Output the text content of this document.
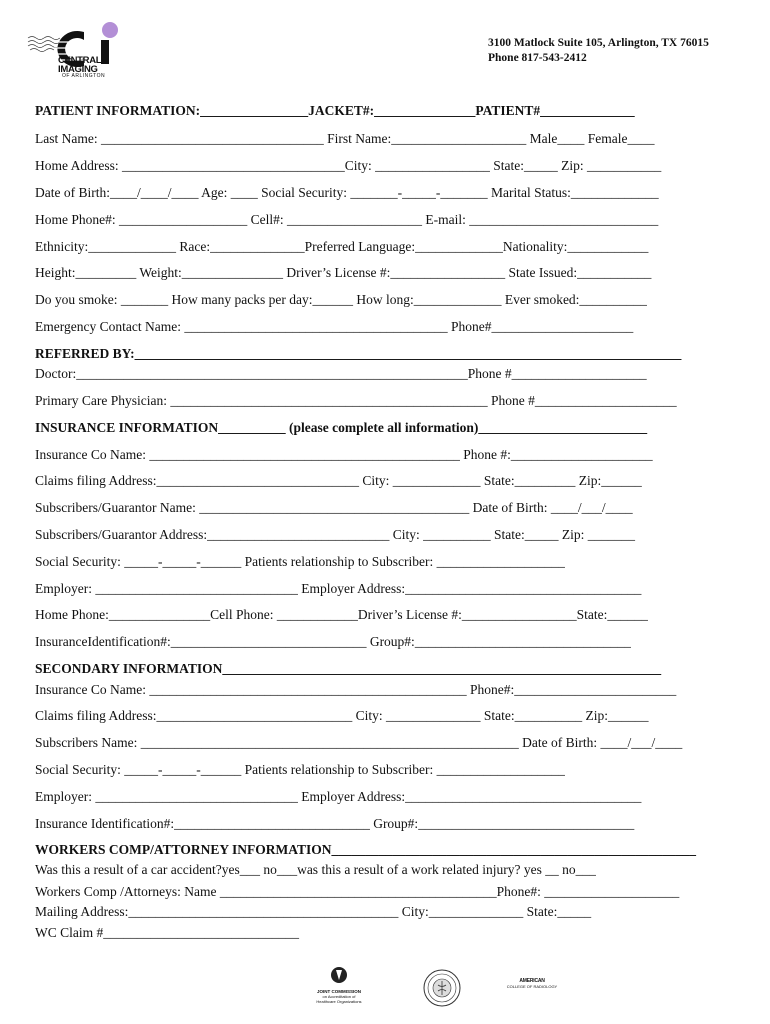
CENTRAL
IMAGING
OF ARLINGTON
3100 Matlock Suite 105, Arlington, TX 76015
Phone 817-543-2412
PATIENT INFORMATION:________________JACKET#:_______________PATIENT#______________
Last Name: _________________________________ First Name:____________________ Male____ Female____
Home Address: _________________________________City: _________________ State:_____ Zip: ___________
Date of Birth:____/____/____ Age: ____ Social Security: _______-_____-_______ Marital Status:_____________
Home Phone#: ___________________ Cell#: ____________________ E-mail: ____________________________
Ethnicity:_____________ Race:______________Preferred Language:_____________Nationality:____________
Height:_________ Weight:_______________ Driver’s License #:_________________ State Issued:___________
Do you smoke: _______ How many packs per day:______ How long:_____________ Ever smoked:__________
Emergency Contact Name: _______________________________________ Phone#_____________________
REFERRED BY:_________________________________________________________________________________
Doctor:__________________________________________________________Phone #____________________
Primary Care Physician: _______________________________________________ Phone #_____________________
INSURANCE INFORMATION__________ (please complete all information)_________________________
Insurance Co Name: ______________________________________________ Phone #:_____________________
Claims filing Address:______________________________ City: _____________ State:_________ Zip:______
Subscribers/Guarantor Name: ________________________________________ Date of Birth: ____/___/____
Subscribers/Guarantor Address:___________________________ City: __________ State:_____ Zip: _______
Social Security: _____-_____-______ Patients relationship to Subscriber: ___________________
Employer: ______________________________ Employer Address:___________________________________
Home Phone:_______________Cell Phone: ____________Driver’s License #:_________________State:______
InsuranceIdentification#:_____________________________ Group#:________________________________
SECONDARY INFORMATION_________________________________________________________________
Insurance Co Name: _______________________________________________ Phone#:________________________
Claims filing Address:_____________________________ City: ______________ State:__________ Zip:______
Subscribers Name: ________________________________________________________ Date of Birth: ____/___/____
Social Security: _____-_____-______ Patients relationship to Subscriber: ___________________
Employer: ______________________________ Employer Address:___________________________________
Insurance Identification#:_____________________________ Group#:________________________________
WORKERS COMP/ATTORNEY INFORMATION______________________________________________________
Was this a result of a car accident?yes___ no___was this a result of a work related injury? yes __ no___
Workers Comp /Attorneys: Name _________________________________________Phone#: ____________________
Mailing Address:________________________________________ City:______________ State:_____
WC Claim #_____________________________
JOINT COMMISSION
on Accreditation of
Healthcare Organizations
AMERICAN
COLLEGE OF RADIOLOGY
